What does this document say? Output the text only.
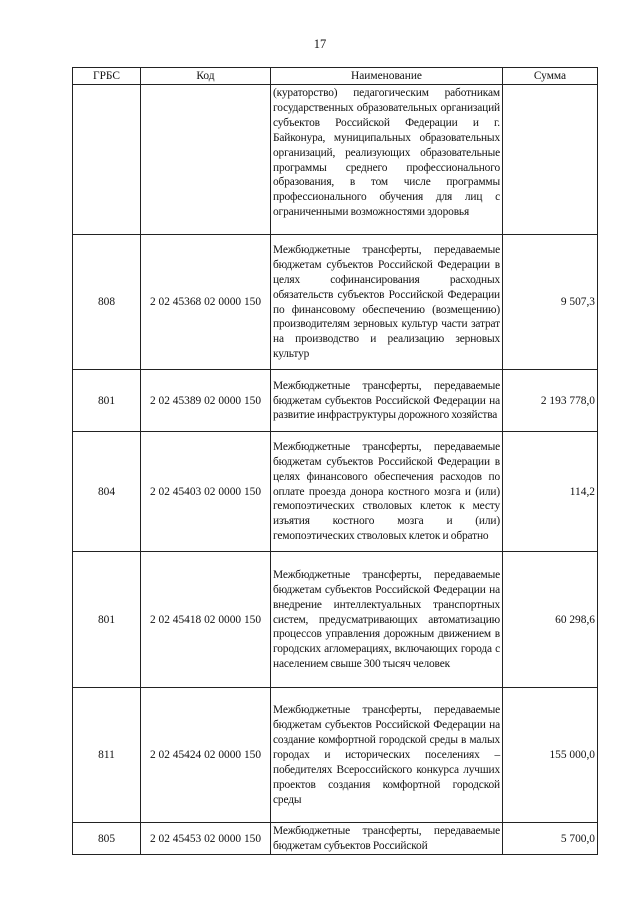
17
ГРБС	Код	Наименование	Сумма

		(кураторство) педагогическим работникам государственных образовательных организаций субъектов Российской Федерации и г. Байконура, муниципальных образовательных организаций, реализующих образовательные программы среднего профессионального образования, в том числе программы профессионального обучения для лиц с ограниченными возможностями здоровья	

808	2 02 45368 02 0000 150	Межбюджетные трансферты, передаваемые бюджетам субъектов Российской Федерации в целях софинансирования расходных обязательств субъектов Российской Федерации по финансовому обеспечению (возмещению) производителям зерновых культур части затрат на производство и реализацию зерновых культур	9 507,3
801	2 02 45389 02 0000 150	Межбюджетные трансферты, передаваемые бюджетам субъектов Российской Федерации на развитие инфраструктуры дорожного хозяйства	2 193 778,0
804	2 02 45403 02 0000 150	Межбюджетные трансферты, передаваемые бюджетам субъектов Российской Федерации в целях финансового обеспечения расходов по оплате проезда донора костного мозга и (или) гемопоэтических стволовых клеток к месту изъятия костного мозга и (или) гемопоэтических стволовых клеток и обратно	114,2
801	2 02 45418 02 0000 150	Межбюджетные трансферты, передаваемые бюджетам субъектов Российской Федерации на внедрение интеллектуальных транспортных систем, предусматривающих автоматизацию процессов управления дорожным движением в городских агломерациях, включающих города с населением свыше 300 тысяч человек	60 298,6
811	2 02 45424 02 0000 150	Межбюджетные трансферты, передаваемые бюджетам субъектов Российской Федерации на создание комфортной городской среды в малых городах и исторических поселениях – победителях Всероссийского конкурса лучших проектов создания комфортной городской среды	155 000,0
805	2 02 45453 02 0000 150	Межбюджетные трансферты, передаваемые бюджетам субъектов Российской	5 700,0
